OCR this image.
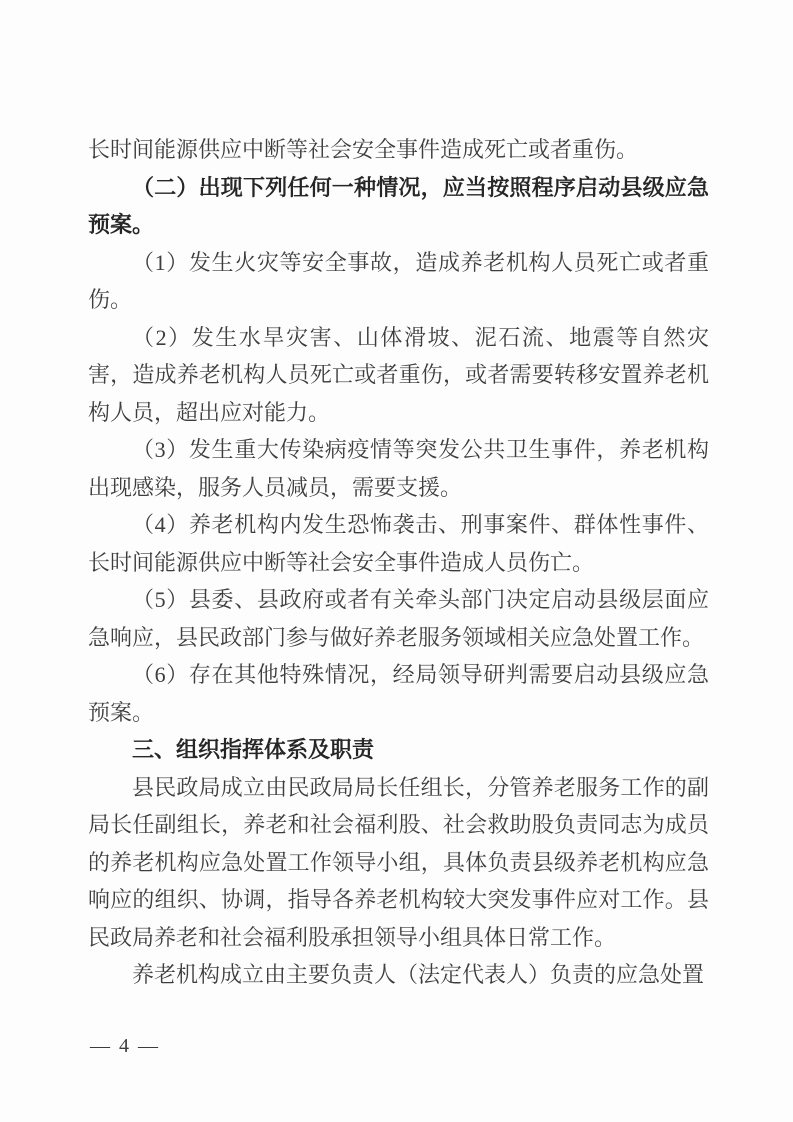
长时间能源供应中断等社会安全事件造成死亡或者重伤。

（二）出现下列任何一种情况，应当按照程序启动县级应急预案。

（1）发生火灾等安全事故，造成养老机构人员死亡或者重伤。

（2）发生水旱灾害、山体滑坡、泥石流、地震等自然灾害，造成养老机构人员死亡或者重伤，或者需要转移安置养老机构人员，超出应对能力。

（3）发生重大传染病疫情等突发公共卫生事件，养老机构出现感染，服务人员减员，需要支援。

（4）养老机构内发生恐怖袭击、刑事案件、群体性事件、长时间能源供应中断等社会安全事件造成人员伤亡。

（5）县委、县政府或者有关牵头部门决定启动县级层面应急响应，县民政部门参与做好养老服务领域相关应急处置工作。

（6）存在其他特殊情况，经局领导研判需要启动县级应急预案。

三、组织指挥体系及职责

县民政局成立由民政局局长任组长，分管养老服务工作的副局长任副组长，养老和社会福利股、社会救助股负责同志为成员的养老机构应急处置工作领导小组，具体负责县级养老机构应急响应的组织、协调，指导各养老机构较大突发事件应对工作。县民政局养老和社会福利股承担领导小组具体日常工作。

养老机构成立由主要负责人（法定代表人）负责的应急处置

— 4 —
